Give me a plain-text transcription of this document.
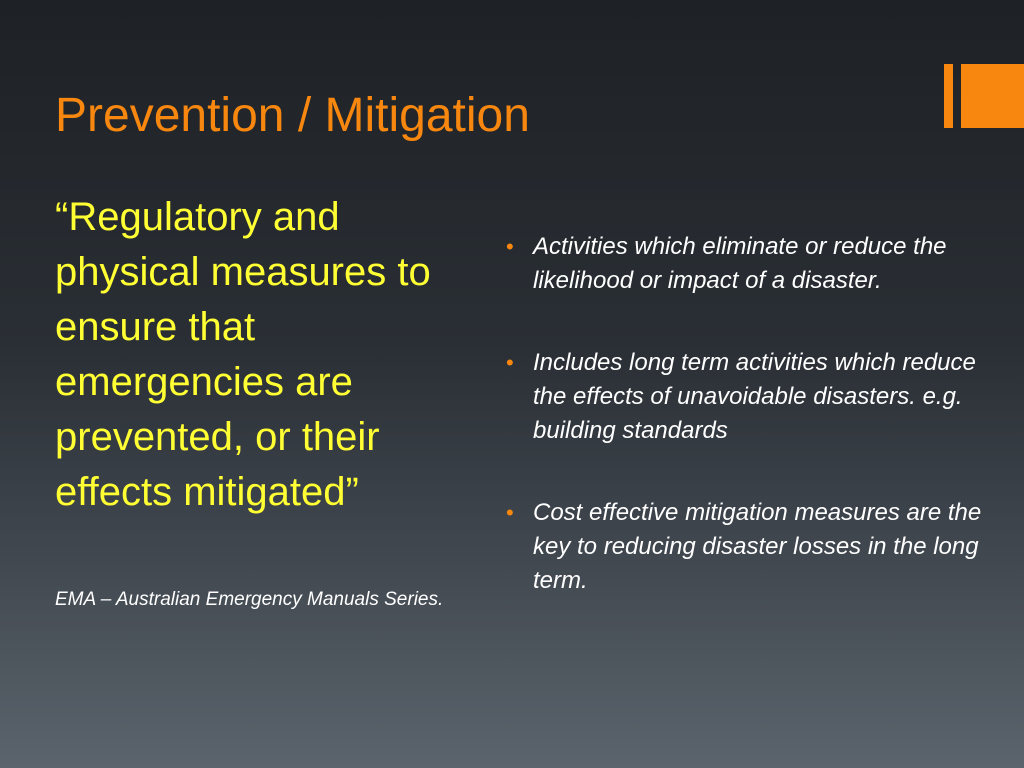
Prevention / Mitigation

“Regulatory and physical measures to ensure that emergencies are prevented, or their effects mitigated”

EMA – Australian Emergency Manuals Series.

• Activities which eliminate or reduce the likelihood or impact of a disaster.
• Includes long term activities which reduce the effects of unavoidable disasters. e.g. building standards
• Cost effective mitigation measures are the key to reducing disaster losses in the long term.
